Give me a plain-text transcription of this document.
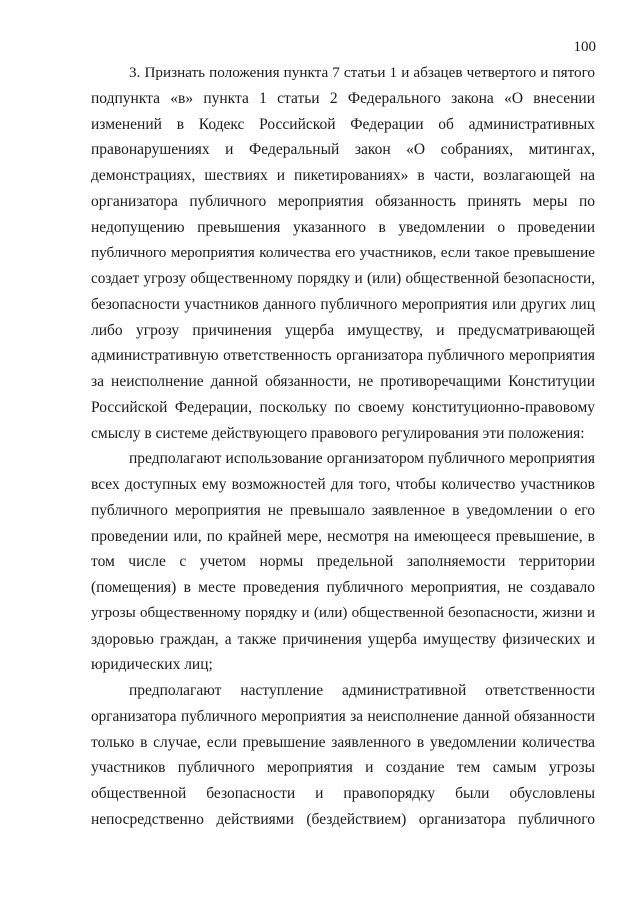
100
3. Признать положения пункта 7 статьи 1 и абзацев четвертого и пятого
подпункта «в» пункта 1 статьи 2 Федерального закона «О внесении
изменений в Кодекс Российской Федерации об административных
правонарушениях и Федеральный закон «О собраниях, митингах,
демонстрациях, шествиях и пикетированиях» в части, возлагающей на
организатора публичного мероприятия обязанность принять меры по
недопущению превышения указанного в уведомлении о проведении
публичного мероприятия количества его участников, если такое превышение
создает угрозу общественному порядку и (или) общественной безопасности,
безопасности участников данного публичного мероприятия или других лиц
либо угрозу причинения ущерба имуществу, и предусматривающей
административную ответственность организатора публичного мероприятия
за неисполнение данной обязанности, не противоречащими Конституции
Российской Федерации, поскольку по своему конституционно-правовому
смыслу в системе действующего правового регулирования эти положения:
предполагают использование организатором публичного мероприятия
всех доступных ему возможностей для того, чтобы количество участников
публичного мероприятия не превышало заявленное в уведомлении о его
проведении или, по крайней мере, несмотря на имеющееся превышение, в
том числе с учетом нормы предельной заполняемости территории
(помещения) в месте проведения публичного мероприятия, не создавало
угрозы общественному порядку и (или) общественной безопасности, жизни и
здоровью граждан, а также причинения ущерба имуществу физических и
юридических лиц;
предполагают наступление административной ответственности
организатора публичного мероприятия за неисполнение данной обязанности
только в случае, если превышение заявленного в уведомлении количества
участников публичного мероприятия и создание тем самым угрозы
общественной безопасности и правопорядку были обусловлены
непосредственно действиями (бездействием) организатора публичного
